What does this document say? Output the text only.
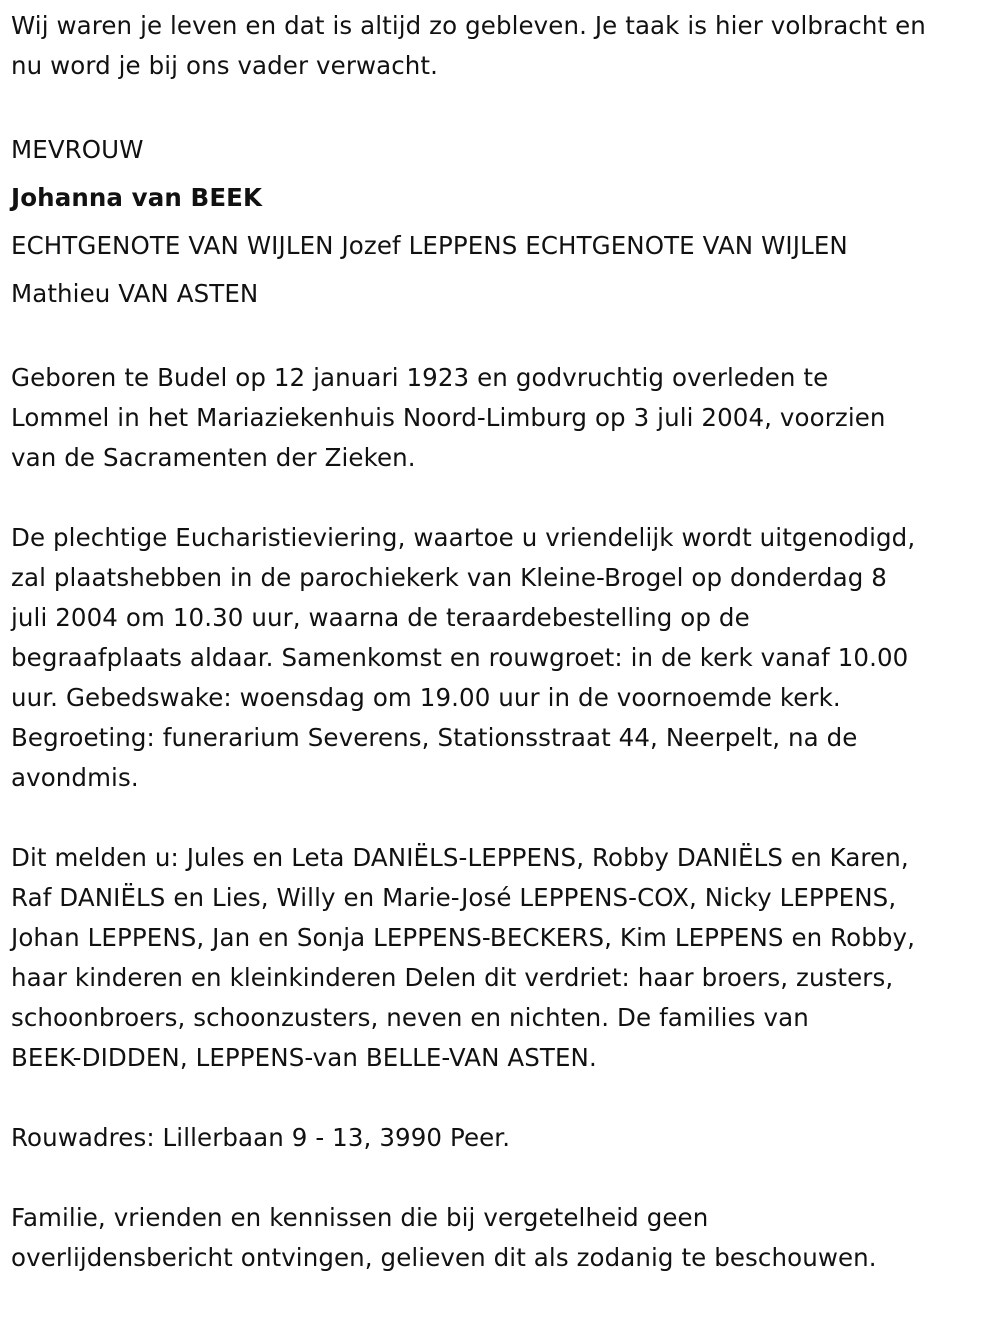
Wij waren je leven en dat is altijd zo gebleven. Je taak is hier volbracht en
nu word je bij ons vader verwacht.
MEVROUW
Johanna van BEEK
ECHTGENOTE VAN WIJLEN Jozef LEPPENS ECHTGENOTE VAN WIJLEN
Mathieu VAN ASTEN
Geboren te Budel op 12 januari 1923 en godvruchtig overleden te
Lommel in het Mariaziekenhuis Noord-Limburg op 3 juli 2004, voorzien
van de Sacramenten der Zieken.
De plechtige Eucharistieviering, waartoe u vriendelijk wordt uitgenodigd,
zal plaatshebben in de parochiekerk van Kleine-Brogel op donderdag 8
juli 2004 om 10.30 uur, waarna de teraardebestelling op de
begraafplaats aldaar. Samenkomst en rouwgroet: in de kerk vanaf 10.00
uur. Gebedswake: woensdag om 19.00 uur in de voornoemde kerk.
Begroeting: funerarium Severens, Stationsstraat 44, Neerpelt, na de
avondmis.
Dit melden u: Jules en Leta DANIËLS-LEPPENS, Robby DANIËLS en Karen,
Raf DANIËLS en Lies, Willy en Marie-José LEPPENS-COX, Nicky LEPPENS,
Johan LEPPENS, Jan en Sonja LEPPENS-BECKERS, Kim LEPPENS en Robby,
haar kinderen en kleinkinderen Delen dit verdriet: haar broers, zusters,
schoonbroers, schoonzusters, neven en nichten. De families van
BEEK-DIDDEN, LEPPENS-van BELLE-VAN ASTEN.
Rouwadres: Lillerbaan 9 - 13, 3990 Peer.
Familie, vrienden en kennissen die bij vergetelheid geen
overlijdensbericht ontvingen, gelieven dit als zodanig te beschouwen.
